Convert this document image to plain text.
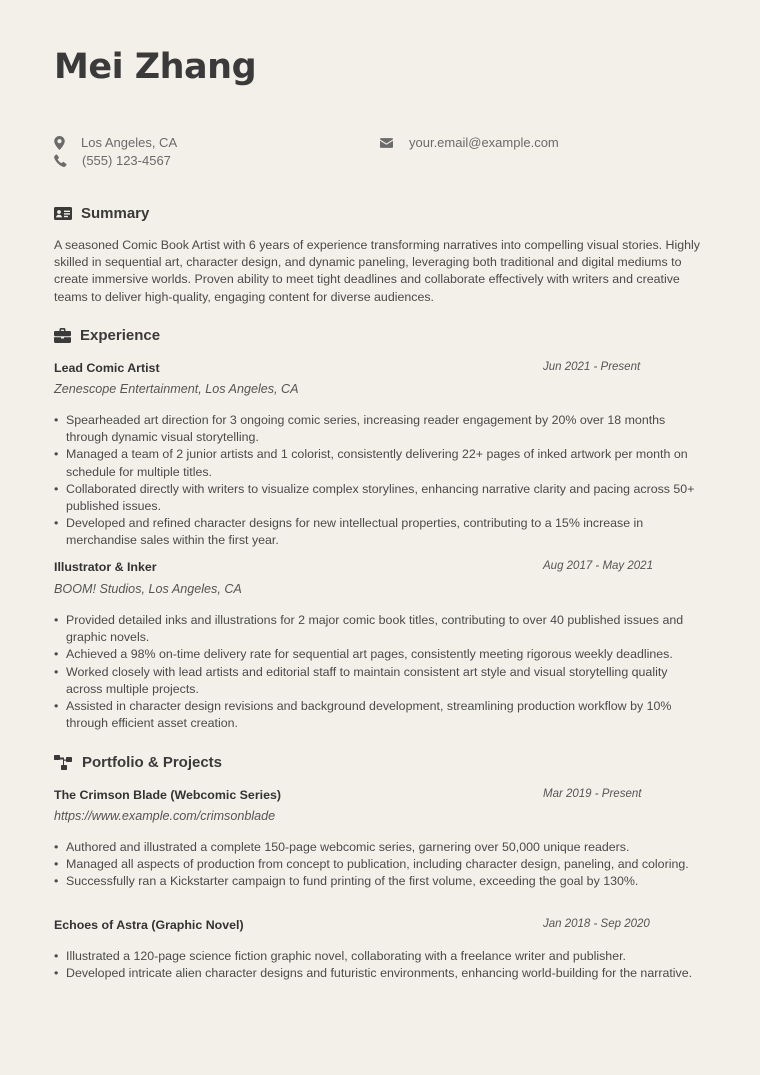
Mei Zhang
Los Angeles, CA
(555) 123-4567
your.email@example.com
Summary

A seasoned Comic Book Artist with 6 years of experience transforming narratives into compelling visual stories. Highly skilled in sequential art, character design, and dynamic paneling, leveraging both traditional and digital mediums to create immersive worlds. Proven ability to meet tight deadlines and collaborate effectively with writers and creative teams to deliver high-quality, engaging content for diverse audiences.

Experience
Lead Comic Artist	Jun 2021 - Present
Zenescope Entertainment, Los Angeles, CA
• Spearheaded art direction for 3 ongoing comic series, increasing reader engagement by 20% over 18 months through dynamic visual storytelling.
• Managed a team of 2 junior artists and 1 colorist, consistently delivering 22+ pages of inked artwork per month on schedule for multiple titles.
• Collaborated directly with writers to visualize complex storylines, enhancing narrative clarity and pacing across 50+ published issues.
• Developed and refined character designs for new intellectual properties, contributing to a 15% increase in merchandise sales within the first year.
Illustrator & Inker	Aug 2017 - May 2021
BOOM! Studios, Los Angeles, CA
• Provided detailed inks and illustrations for 2 major comic book titles, contributing to over 40 published issues and graphic novels.
• Achieved a 98% on-time delivery rate for sequential art pages, consistently meeting rigorous weekly deadlines.
• Worked closely with lead artists and editorial staff to maintain consistent art style and visual storytelling quality across multiple projects.
• Assisted in character design revisions and background development, streamlining production workflow by 10% through efficient asset creation.
Portfolio & Projects
The Crimson Blade (Webcomic Series)	Mar 2019 - Present
https://www.example.com/crimsonblade
• Authored and illustrated a complete 150-page webcomic series, garnering over 50,000 unique readers.
• Managed all aspects of production from concept to publication, including character design, paneling, and coloring.
• Successfully ran a Kickstarter campaign to fund printing of the first volume, exceeding the goal by 130%.
Echoes of Astra (Graphic Novel)	Jan 2018 - Sep 2020
• Illustrated a 120-page science fiction graphic novel, collaborating with a freelance writer and publisher.
• Developed intricate alien character designs and futuristic environments, enhancing world-building for the narrative.
